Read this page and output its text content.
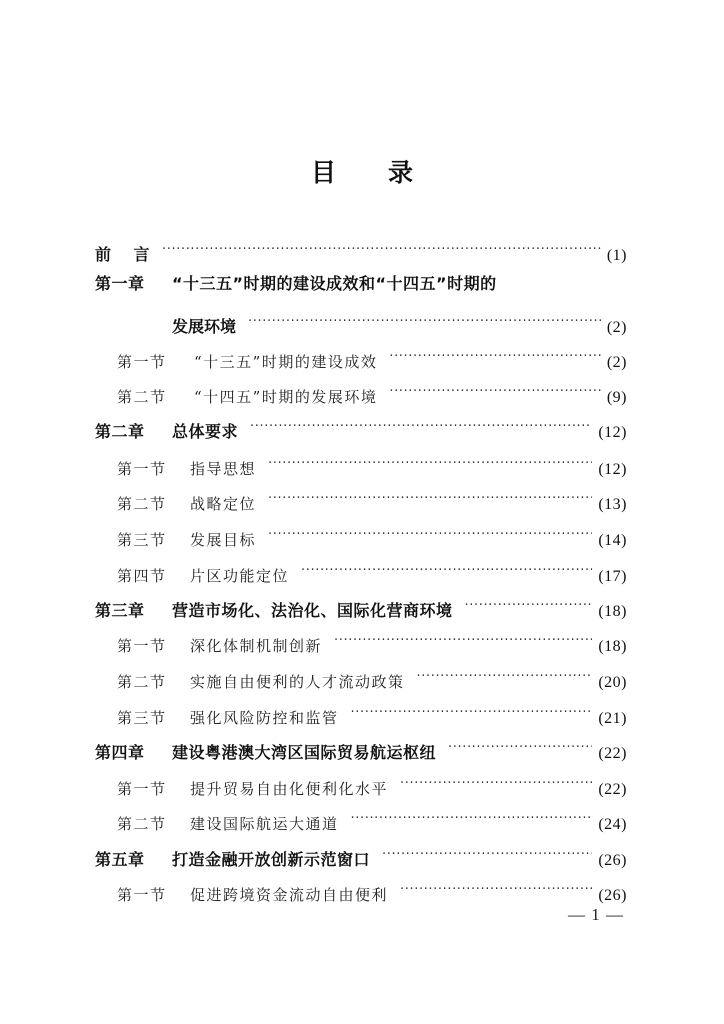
目 录
前 言 ·····	(1)
第一章	“十三五”时期的建设成效和“十四五”时期的
发展环境 ·····	(2)
第一节	“十三五”时期的建设成效 ·····	(2)
第二节	“十四五”时期的发展环境 ·····	(9)
第二章	总体要求 ·····	(12)
第一节	指导思想 ·····	(12)
第二节	战略定位 ·····	(13)
第三节	发展目标 ·····	(14)
第四节	片区功能定位 ·····	(17)
第三章	营造市场化、法治化、国际化营商环境 ·····	(18)
第一节	深化体制机制创新 ·····	(18)
第二节	实施自由便利的人才流动政策 ·····	(20)
第三节	强化风险防控和监管 ·····	(21)
第四章	建设粤港澳大湾区国际贸易航运枢纽 ·····	(22)
第一节	提升贸易自由化便利化水平 ·····	(22)
第二节	建设国际航运大通道 ·····	(24)
第五章	打造金融开放创新示范窗口 ·····	(26)
第一节	促进跨境资金流动自由便利 ·····	(26)
— 1 —
